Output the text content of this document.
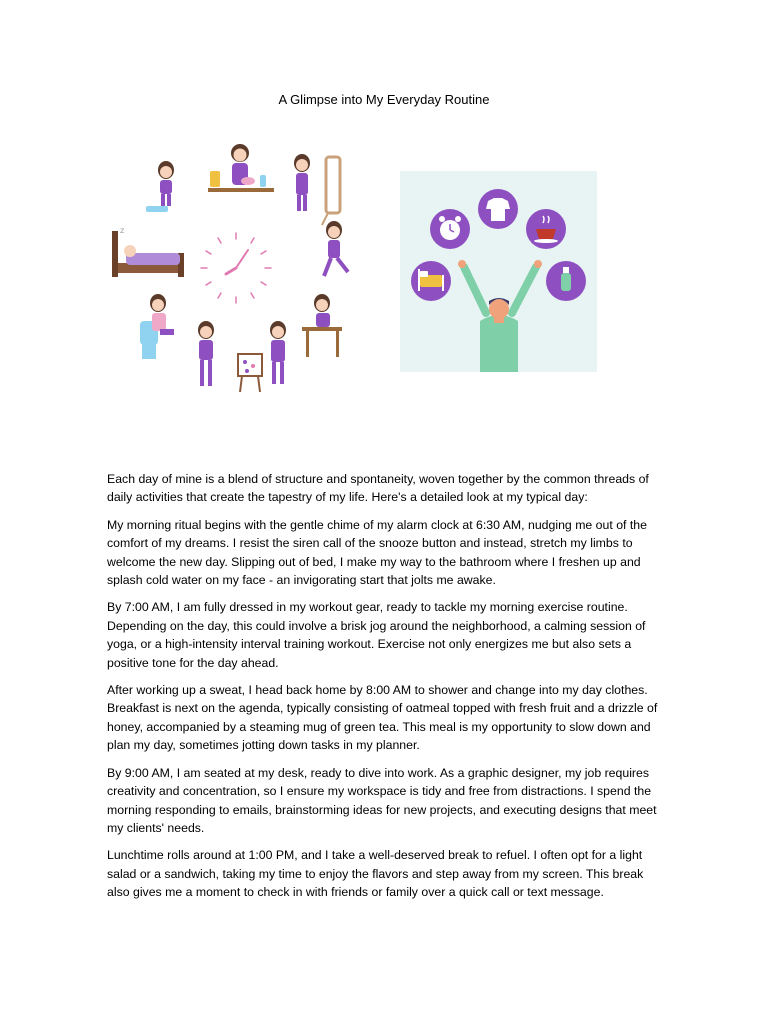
A Glimpse into My Everyday Routine
z

Each day of mine is a blend of structure and spontaneity, woven together by the common threads of daily activities that create the tapestry of my life. Here's a detailed look at my typical day:

My morning ritual begins with the gentle chime of my alarm clock at 6:30 AM, nudging me out of the comfort of my dreams. I resist the siren call of the snooze button and instead, stretch my limbs to welcome the new day. Slipping out of bed, I make my way to the bathroom where I freshen up and splash cold water on my face - an invigorating start that jolts me awake.

By 7:00 AM, I am fully dressed in my workout gear, ready to tackle my morning exercise routine. Depending on the day, this could involve a brisk jog around the neighborhood, a calming session of yoga, or a high-intensity interval training workout. Exercise not only energizes me but also sets a positive tone for the day ahead.

After working up a sweat, I head back home by 8:00 AM to shower and change into my day clothes. Breakfast is next on the agenda, typically consisting of oatmeal topped with fresh fruit and a drizzle of honey, accompanied by a steaming mug of green tea. This meal is my opportunity to slow down and plan my day, sometimes jotting down tasks in my planner.

By 9:00 AM, I am seated at my desk, ready to dive into work. As a graphic designer, my job requires creativity and concentration, so I ensure my workspace is tidy and free from distractions. I spend the morning responding to emails, brainstorming ideas for new projects, and executing designs that meet my clients' needs.

Lunchtime rolls around at 1:00 PM, and I take a well-deserved break to refuel. I often opt for a light salad or a sandwich, taking my time to enjoy the flavors and step away from my screen. This break also gives me a moment to check in with friends or family over a quick call or text message.
